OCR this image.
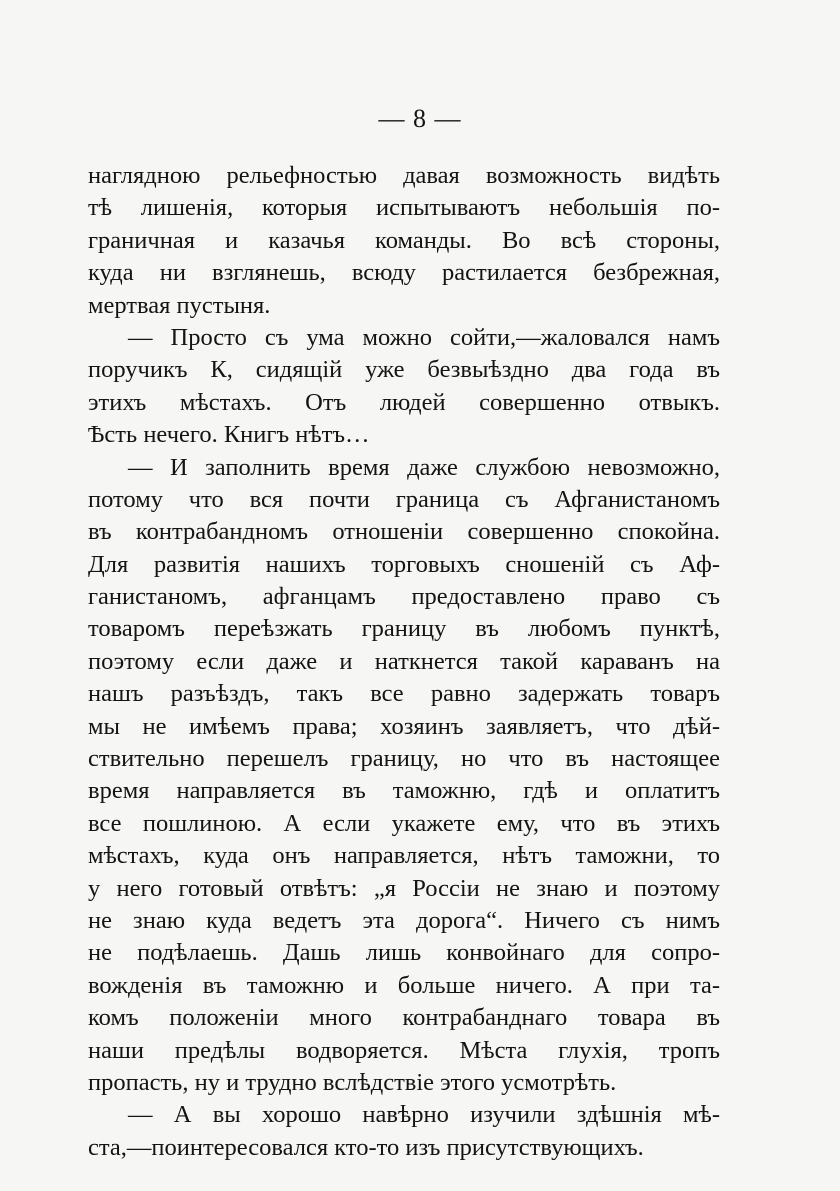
— 8 —
наглядною рельефностью давая возможность видѣть
тѣ лишенія, которыя испытываютъ небольшія по-
граничная и казачья команды. Во всѣ стороны,
куда ни взглянешь, всюду растилается безбрежная,
мертвая пустыня.
— Просто съ ума можно сойти,—жаловался намъ
поручикъ К, сидящій уже безвыѣздно два года въ
этихъ мѣстахъ. Отъ людей совершенно отвыкъ.
Ѣсть нечего. Книгъ нѣтъ…
— И заполнить время даже службою невозможно,
потому что вся почти граница съ Афганистаномъ
въ контрабандномъ отношеніи совершенно спокойна.
Для развитія нашихъ торговыхъ сношеній съ Аф-
ганистаномъ, афганцамъ предоставлено право съ
товаромъ переѣзжать границу въ любомъ пунктѣ,
поэтому если даже и наткнется такой караванъ на
нашъ разъѣздъ, такъ все равно задержать товаръ
мы не имѣемъ права; хозяинъ заявляетъ, что дѣй-
ствительно перешелъ границу, но что въ настоящее
время направляется въ таможню, гдѣ и оплатитъ
все пошлиною. А если укажете ему, что въ этихъ
мѣстахъ, куда онъ направляется, нѣтъ таможни, то
у него готовый отвѣтъ: „я Россіи не знаю и поэтому
не знаю куда ведетъ эта дорога“. Ничего съ нимъ
не подѣлаешь. Дашь лишь конвойнаго для сопро-
вожденія въ таможню и больше ничего. А при та-
комъ положеніи много контрабанднаго товара въ
наши предѣлы водворяется. Мѣста глухія, тропъ
пропасть, ну и трудно вслѣдствіе этого усмотрѣть.
— А вы хорошо навѣрно изучили здѣшнія мѣ-
ста,—поинтересовался кто-то изъ присутствующихъ.
